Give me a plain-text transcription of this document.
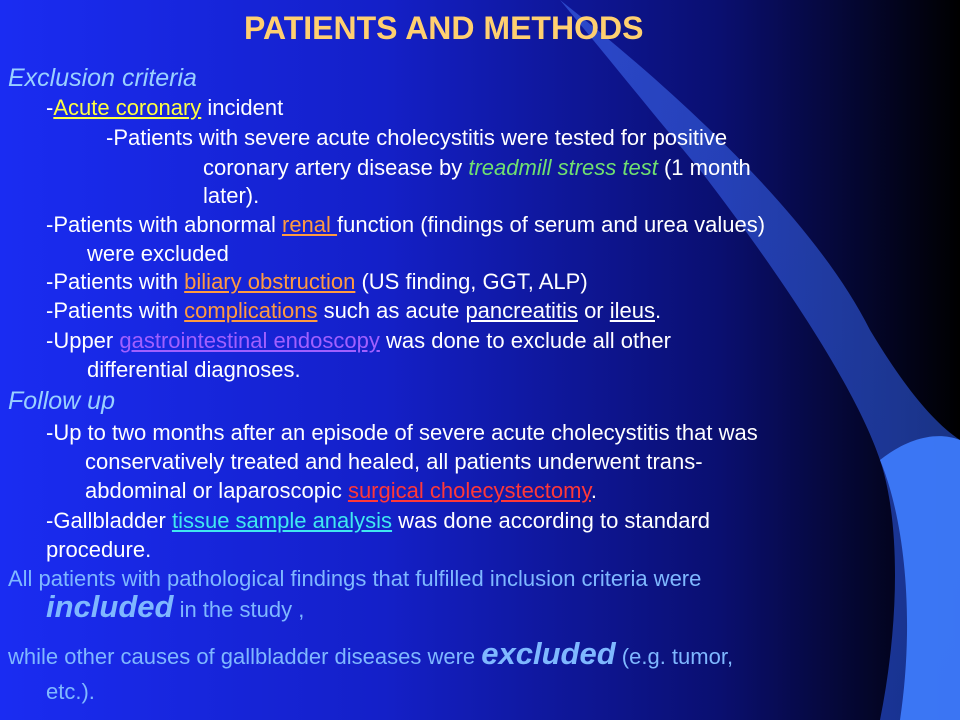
PATIENTS AND METHODS
Exclusion criteria
-Acute coronary incident
-Patients with severe acute cholecystitis were tested for positive
coronary artery disease by treadmill stress test (1 month
later).
-Patients with abnormal renal function (findings of serum and urea values)
were excluded
-Patients with biliary obstruction (US finding, GGT, ALP)
-Patients with complications such as acute pancreatitis or ileus.
-Upper gastrointestinal endoscopy was done to exclude all other
differential diagnoses.
Follow up
-Up to two months after an episode of severe acute cholecystitis that was
conservatively treated and healed, all patients underwent trans-
abdominal or laparoscopic surgical cholecystectomy.
-Gallbladder tissue sample analysis was done according to standard
procedure.
All patients with pathological findings that fulfilled inclusion criteria were
included in the study ,
while other causes of gallbladder diseases were excluded (e.g. tumor,
etc.).
